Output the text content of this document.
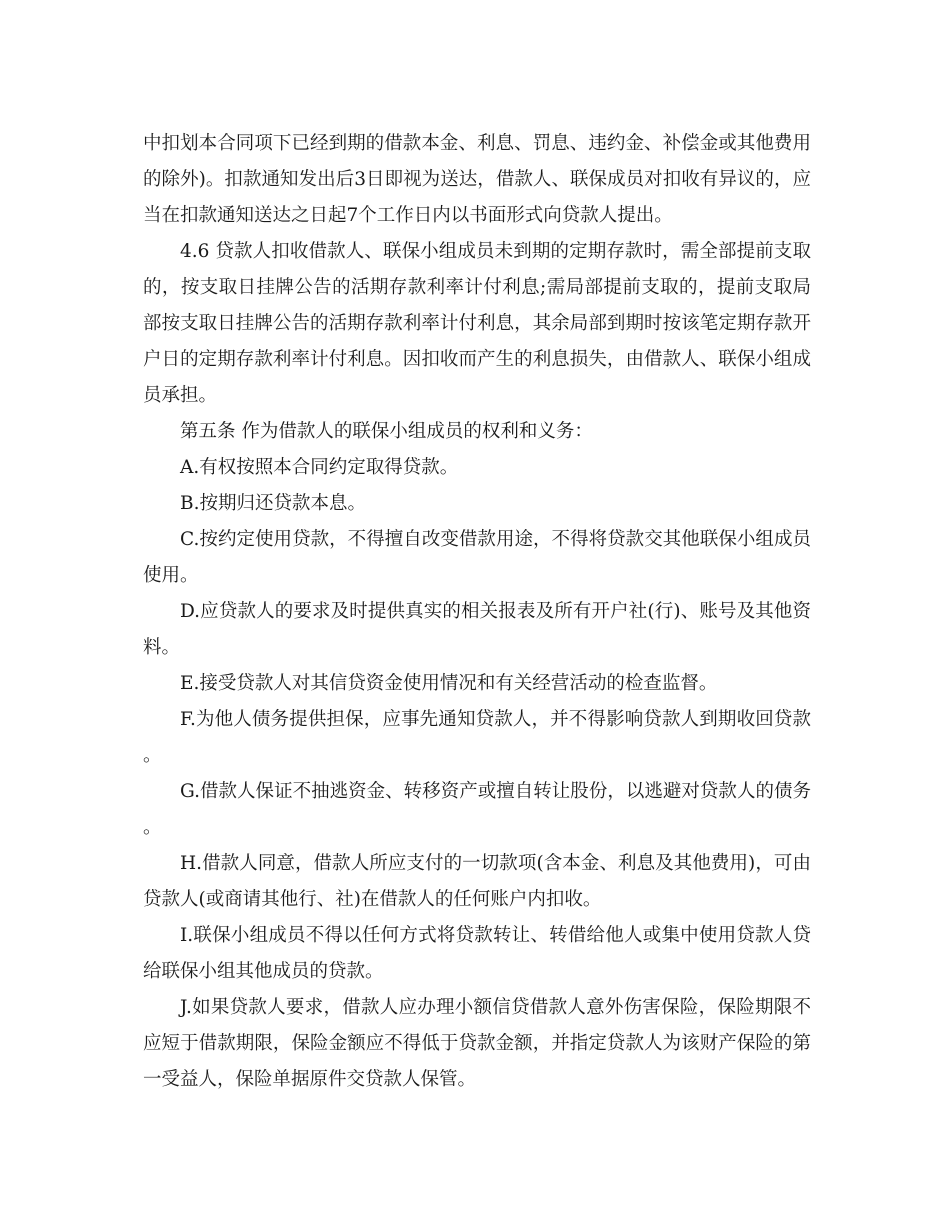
中扣划本合同项下已经到期的借款本金、利息、罚息、违约金、补偿金或其他费用的除外)。扣款通知发出后3日即视为送达，借款人、联保成员对扣收有异议的，应当在扣款通知送达之日起7个工作日内以书面形式向贷款人提出。

4.6 贷款人扣收借款人、联保小组成员未到期的定期存款时，需全部提前支取的，按支取日挂牌公告的活期存款利率计付利息;需局部提前支取的，提前支取局部按支取日挂牌公告的活期存款利率计付利息，其余局部到期时按该笔定期存款开户日的定期存款利率计付利息。因扣收而产生的利息损失，由借款人、联保小组成员承担。

第五条 作为借款人的联保小组成员的权利和义务：

A.有权按照本合同约定取得贷款。

B.按期归还贷款本息。

C.按约定使用贷款，不得擅自改变借款用途，不得将贷款交其他联保小组成员使用。

D.应贷款人的要求及时提供真实的相关报表及所有开户社(行)、账号及其他资料。

E.接受贷款人对其信贷资金使用情况和有关经营活动的检查监督。

F.为他人债务提供担保，应事先通知贷款人，并不得影响贷款人到期收回贷款。

G.借款人保证不抽逃资金、转移资产或擅自转让股份，以逃避对贷款人的债务。

H.借款人同意，借款人所应支付的一切款项(含本金、利息及其他费用)，可由贷款人(或商请其他行、社)在借款人的任何账户内扣收。

I.联保小组成员不得以任何方式将贷款转让、转借给他人或集中使用贷款人贷给联保小组其他成员的贷款。

J.如果贷款人要求，借款人应办理小额信贷借款人意外伤害保险，保险期限不应短于借款期限，保险金额应不得低于贷款金额，并指定贷款人为该财产保险的第一受益人，保险单据原件交贷款人保管。
